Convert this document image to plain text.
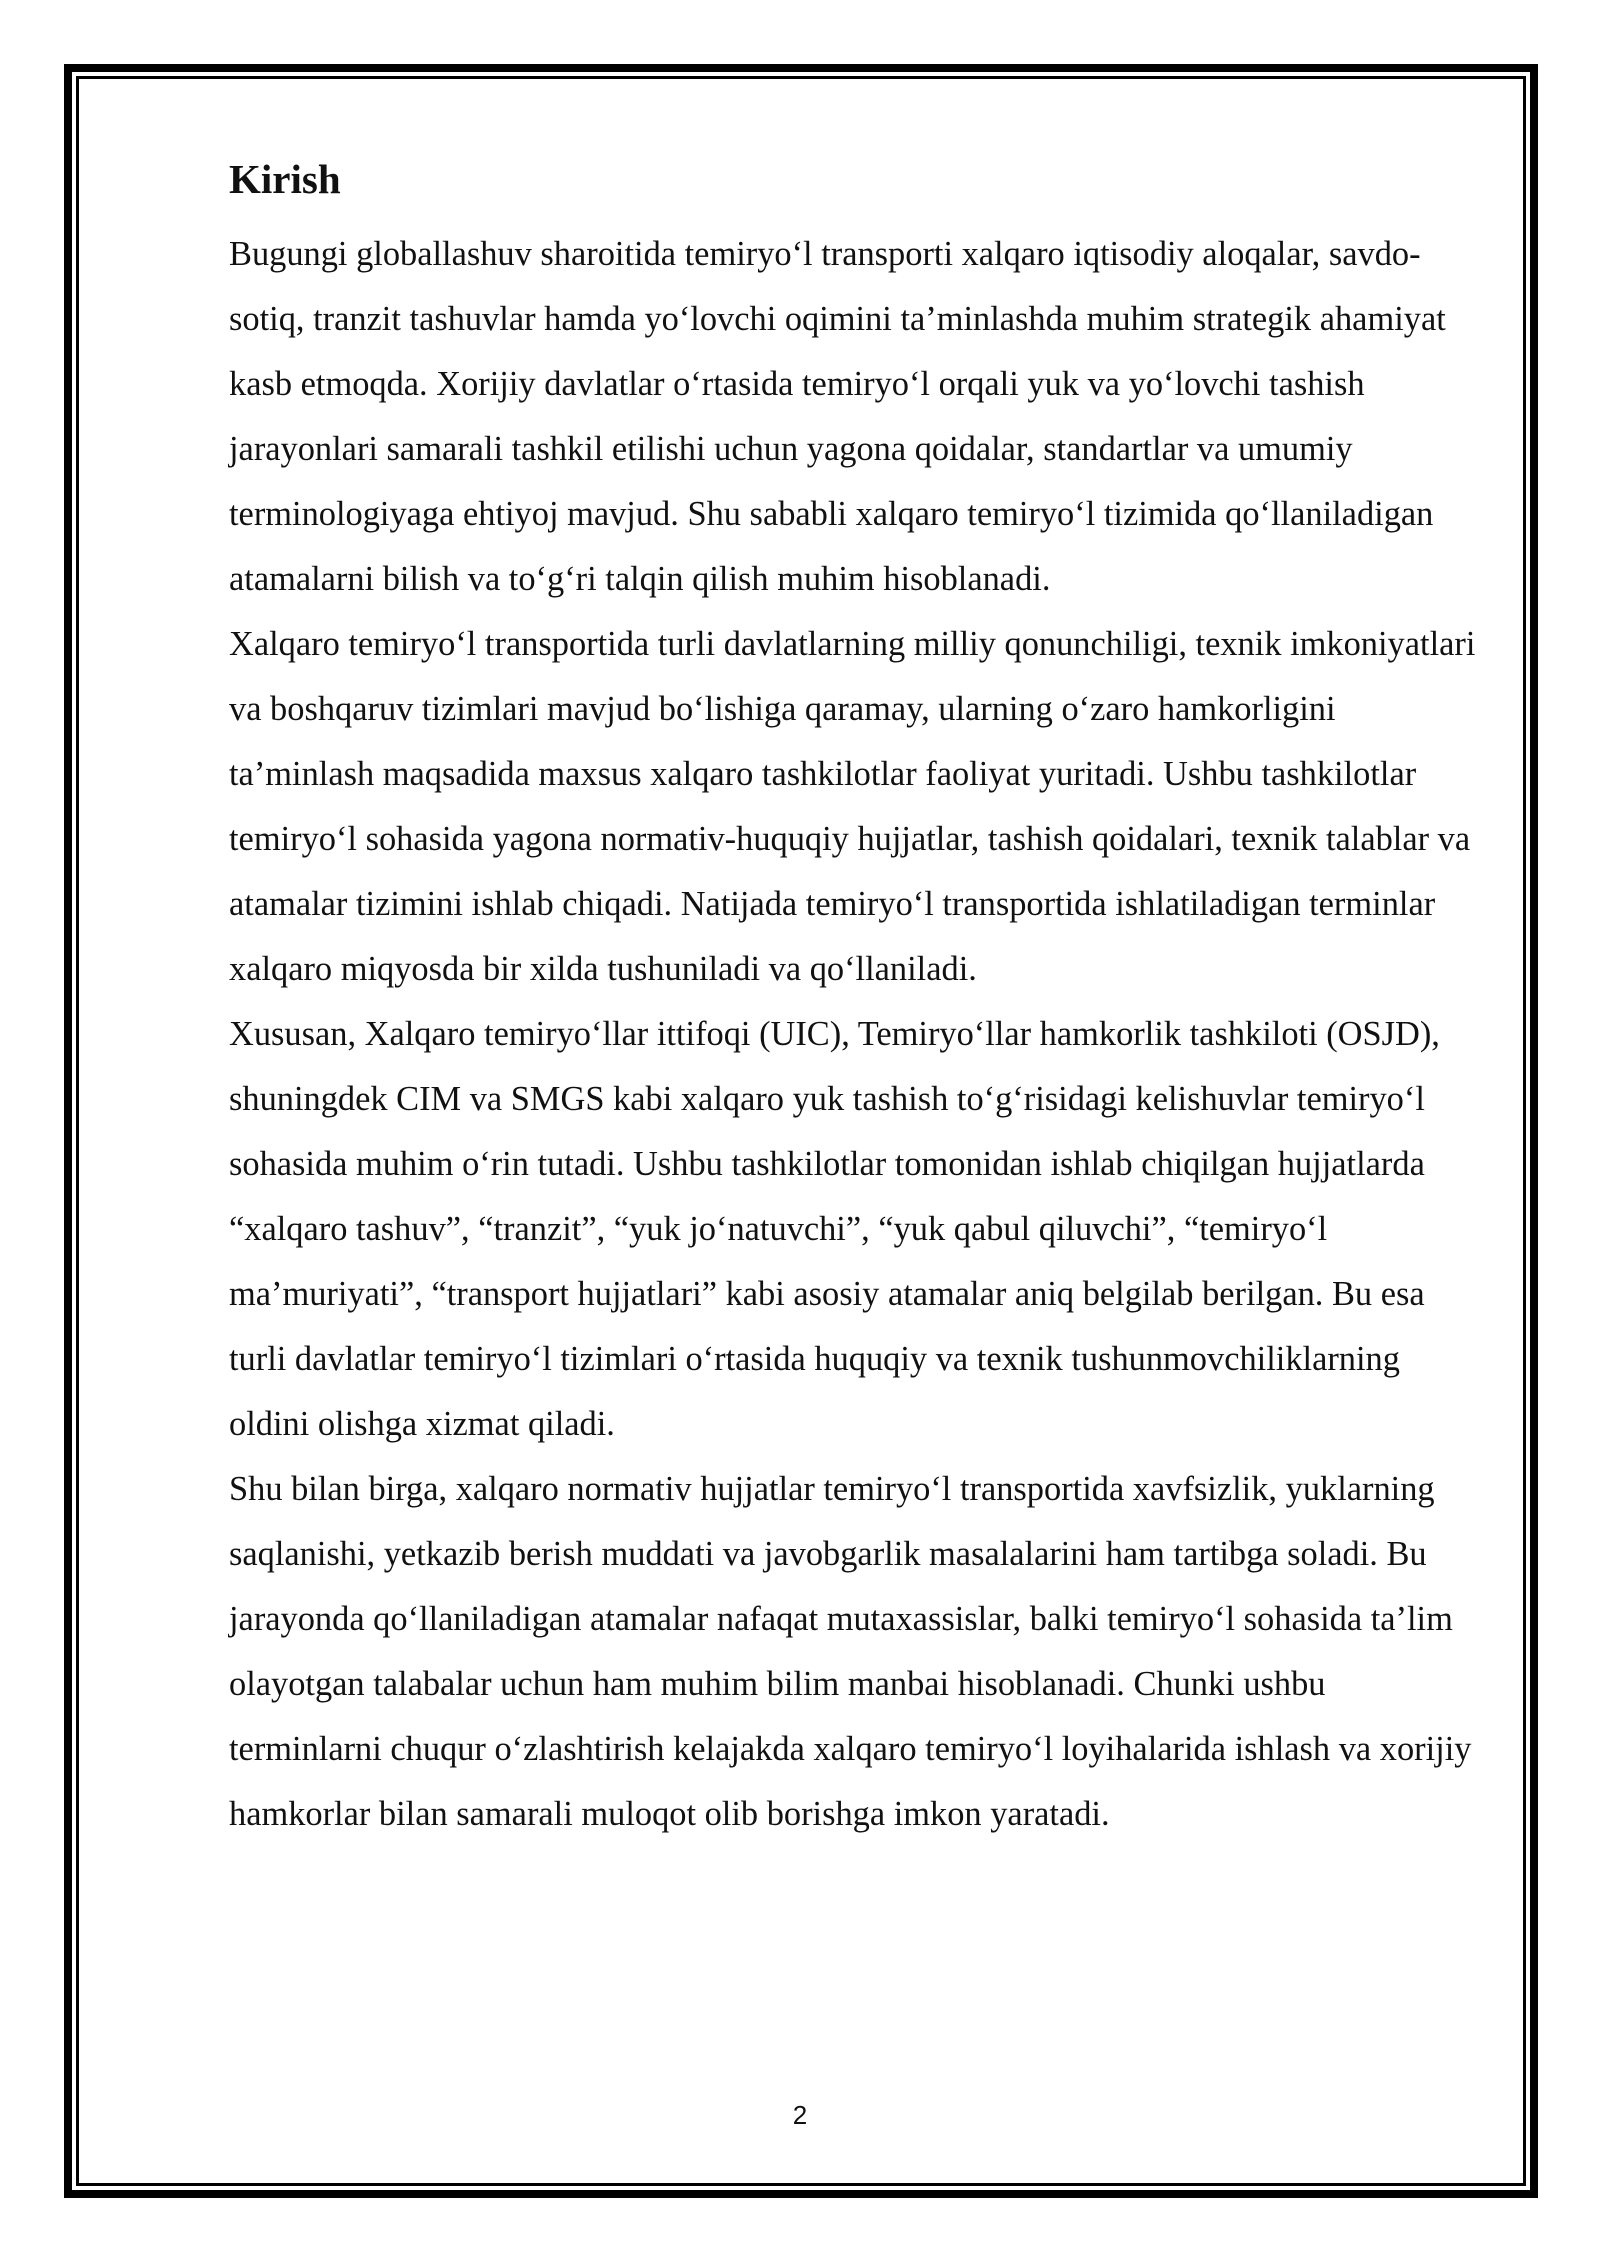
Kirish

Bugungi globallashuv sharoitida temiryo‘l transporti xalqaro iqtisodiy aloqalar, savdo-sotiq, tranzit tashuvlar hamda yo‘lovchi oqimini ta’minlashda muhim strategik ahamiyat kasb etmoqda. Xorijiy davlatlar o‘rtasida temiryo‘l orqali yuk va yo‘lovchi tashish jarayonlari samarali tashkil etilishi uchun yagona qoidalar, standartlar va umumiy terminologiyaga ehtiyoj mavjud. Shu sababli xalqaro temiryo‘l tizimida qo‘llaniladigan atamalarni bilish va to‘g‘ri talqin qilish muhim hisoblanadi.

Xalqaro temiryo‘l transportida turli davlatlarning milliy qonunchiligi, texnik imkoniyatlari va boshqaruv tizimlari mavjud bo‘lishiga qaramay, ularning o‘zaro hamkorligini ta’minlash maqsadida maxsus xalqaro tashkilotlar faoliyat yuritadi. Ushbu tashkilotlar temiryo‘l sohasida yagona normativ-huquqiy hujjatlar, tashish qoidalari, texnik talablar va atamalar tizimini ishlab chiqadi. Natijada temiryo‘l transportida ishlatiladigan terminlar xalqaro miqyosda bir xilda tushuniladi va qo‘llaniladi.

Xususan, Xalqaro temiryo‘llar ittifoqi (UIC), Temiryo‘llar hamkorlik tashkiloti (OSJD), shuningdek CIM va SMGS kabi xalqaro yuk tashish to‘g‘risidagi kelishuvlar temiryo‘l sohasida muhim o‘rin tutadi. Ushbu tashkilotlar tomonidan ishlab chiqilgan hujjatlarda “xalqaro tashuv”, “tranzit”, “yuk jo‘natuvchi”, “yuk qabul qiluvchi”, “temiryo‘l ma’muriyati”, “transport hujjatlari” kabi asosiy atamalar aniq belgilab berilgan. Bu esa turli davlatlar temiryo‘l tizimlari o‘rtasida huquqiy va texnik tushunmovchiliklarning oldini olishga xizmat qiladi.

Shu bilan birga, xalqaro normativ hujjatlar temiryo‘l transportida xavfsizlik, yuklarning saqlanishi, yetkazib berish muddati va javobgarlik masalalarini ham tartibga soladi. Bu jarayonda qo‘llaniladigan atamalar nafaqat mutaxassislar, balki temiryo‘l sohasida ta’lim olayotgan talabalar uchun ham muhim bilim manbai hisoblanadi. Chunki ushbu terminlarni chuqur o‘zlashtirish kelajakda xalqaro temiryo‘l loyihalarida ishlash va xorijiy hamkorlar bilan samarali muloqot olib borishga imkon yaratadi.

2
